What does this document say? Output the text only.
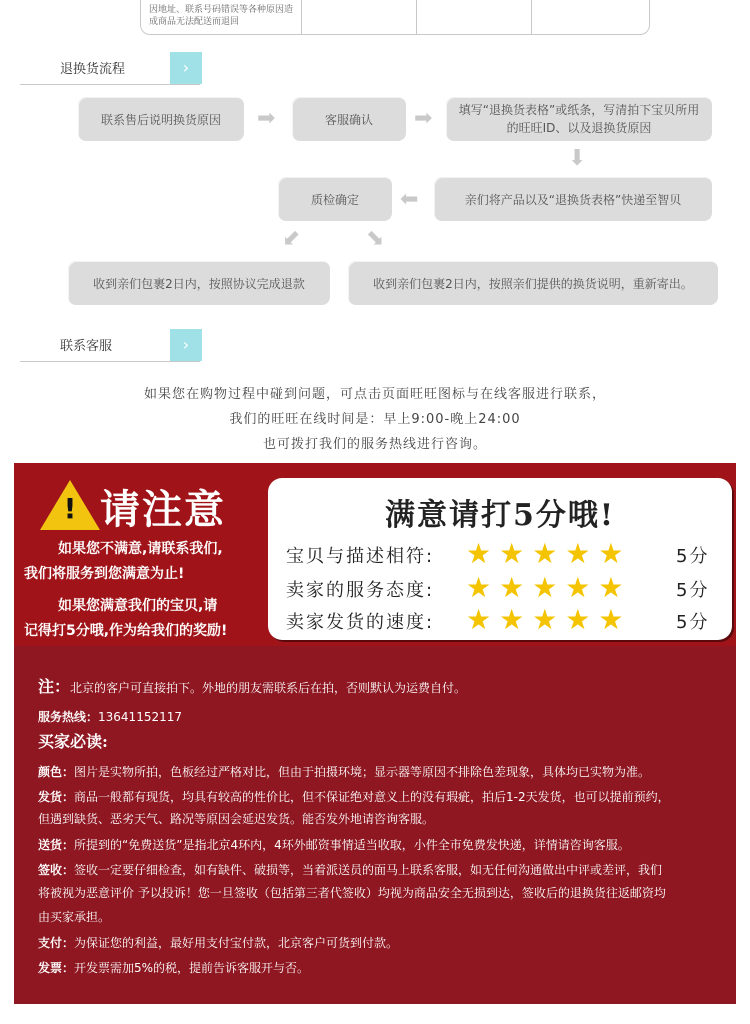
因地址、联系号码错误等各种原因造成商品无法配送而退回
退换货流程	›
联系售后说明换货原因	➡	客服确认	➡	填写“退换货表格”或纸条，写清拍下宝贝所用的旺旺ID、以及退换货原因
⬇
亲们将产品以及“退换货表格”快递至智贝
⬅
质检确定
⬋	⬊
收到亲们包裹2日内，按照协议完成退款	收到亲们包裹2日内，按照亲们提供的换货说明，重新寄出。
联系客服	›
如果您在购物过程中碰到问题，可点击页面旺旺图标与在线客服进行联系，
我们的旺旺在线时间是：早上9:00-晚上24:00
也可拨打我们的服务热线进行咨询。
! 请注意
如果您不满意,请联系我们,
我们将服务到您满意为止!
如果您满意我们的宝贝,请
记得打5分哦,作为给我们的奖励!
满意请打5分哦!
宝贝与描述相符: ★★★★★ 5分
卖家的服务态度: ★★★★★ 5分
卖家发货的速度: ★★★★★ 5分
注：北京的客户可直接拍下。外地的朋友需联系后在拍，否则默认为运费自付。
服务热线：13641152117
买家必读:
颜色：图片是实物所拍，色板经过严格对比，但由于拍摄环境；显示器等原因不排除色差现象，具体均已实物为准。
发货：商品一般都有现货，均具有较高的性价比，但不保证绝对意义上的没有瑕疵，拍后1-2天发货，也可以提前预约，
但遇到缺货、恶劣天气、路况等原因会延迟发货。能否发外地请咨询客服。
送货：所提到的“免费送货”是指北京4环内，4环外邮资事情适当收取，小件全市免费发快递，详情请咨询客服。
签收：签收一定要仔细检查，如有缺件、破损等，当着派送员的面马上联系客服，如无任何沟通做出中评或差评，我们
将被视为恶意评价 予以投诉！您一旦签收（包括第三者代签收）均视为商品安全无损到达，签收后的退换货往返邮资均
由买家承担。
支付：为保证您的利益，最好用支付宝付款，北京客户可货到付款。
发票：开发票需加5%的税，提前告诉客服开与否。
